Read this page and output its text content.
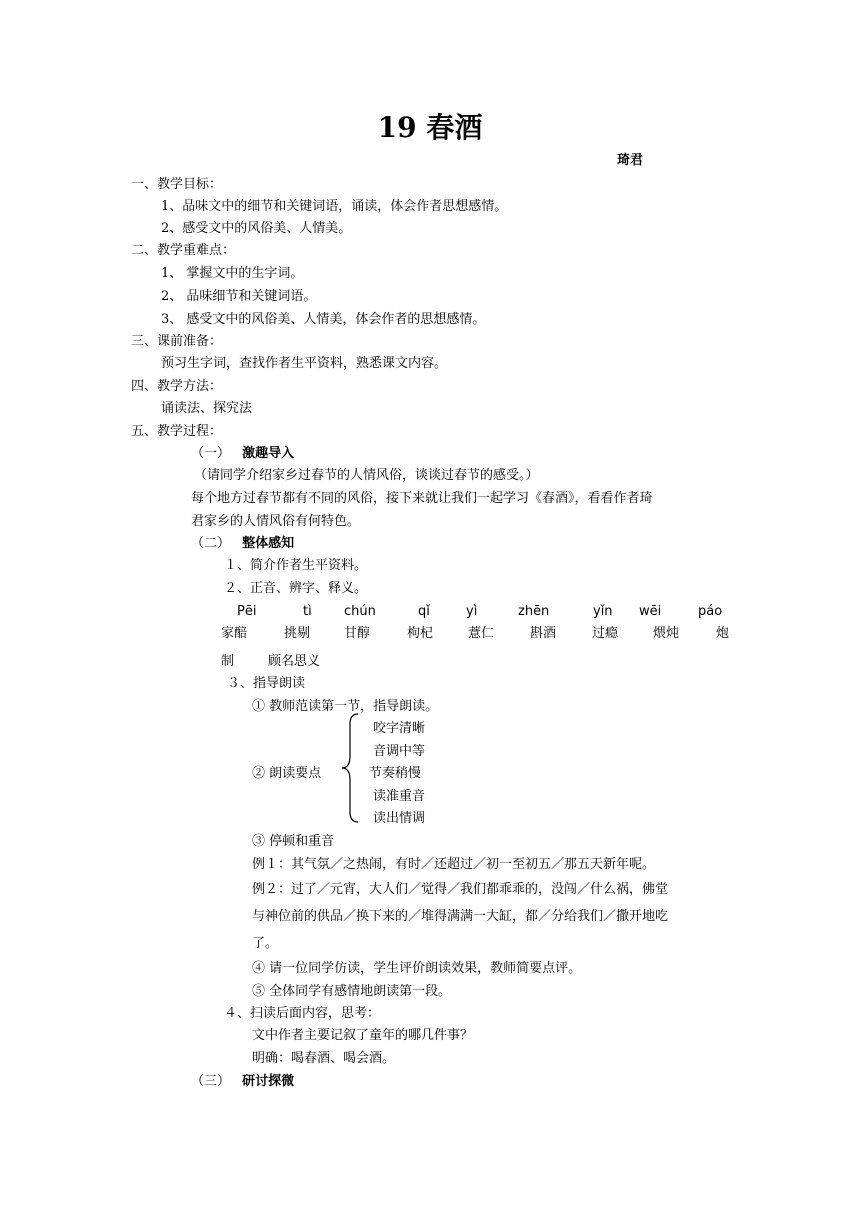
19 春酒
琦君
一、教学目标：
1、品味文中的细节和关键词语，诵读，体会作者思想感情。
2、感受文中的风俗美、人情美。
二、教学重难点：
1、 掌握文中的生字词。
2、 品味细节和关键词语。
3、 感受文中的风俗美、人情美，体会作者的思想感情。
三、课前准备：
预习生字词，查找作者生平资料，熟悉课文内容。
四、教学方法：
诵读法、探究法
五、教学过程：
（一） 激趣导入
（请同学介绍家乡过春节的人情风俗，谈谈过春节的感受。）
每个地方过春节都有不同的风俗，接下来就让我们一起学习《春酒》，看看作者琦
君家乡的人情风俗有何特色。
（二） 整体感知
１、简介作者生平资料。
２、正音、辨字、释义。
Pēi	tì chún	qǐ	yì	zhēn	yǐn wēi	páo
家醅	挑剔	甘醇	枸杞	薏仁	斟酒	过瘾	煨炖	炮
制	顾名思义
３、指导朗读
① 教师范读第一节，指导朗读。
咬字清晰
音调中等
② 朗读要点	节奏稍慢
读准重音
读出情调
③ 停顿和重音
例１：其气氛／之热闹，有时／还超过／初一至初五／那五天新年呢。
例２：过了／元宵，大人们／觉得／我们都乖乖的，没闯／什么祸，佛堂
与神位前的供品／换下来的／堆得满满一大缸，都／分给我们／撒开地吃
了。
④ 请一位同学仿读，学生评价朗读效果，教师简要点评。
⑤ 全体同学有感情地朗读第一段。
４、扫读后面内容，思考：
文中作者主要记叙了童年的哪几件事？
明确：喝春酒、喝会酒。
（三） 研讨探微
